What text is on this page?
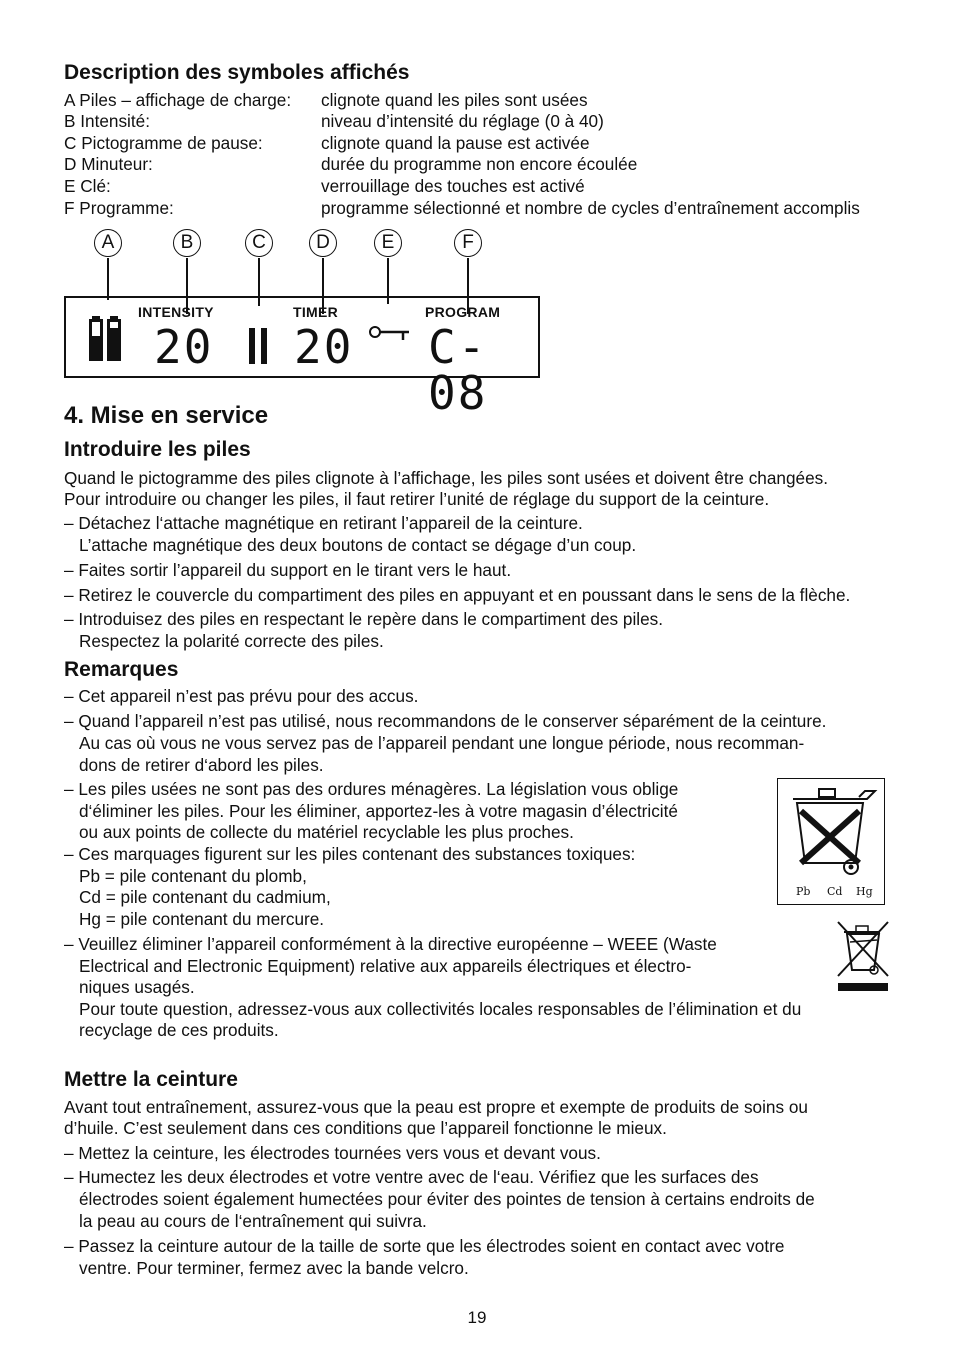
Description des symboles affichés
A Piles – affichage de charge: clignote quand les piles sont usées
B Intensité:	niveau d’intensité du réglage (0 à 40)
C Pictogramme de pause:	clignote quand la pause est activée
D Minuteur:	durée du programme non encore écoulée
E Clé:	verrouillage des touches est activé
F Programme:	programme sélectionné et nombre de cycles d’entraînement accomplis
A	B	C	D	E	F
INTENSITY	TIMER	PROGRAM
20 20 C-08
4. Mise en service
Introduire les piles
Quand le pictogramme des piles clignote à l’affichage, les piles sont usées et doivent être changées.
Pour introduire ou changer les piles, il faut retirer l’unité de réglage du support de la ceinture.
– Détachez l‘attache magnétique en retirant l’appareil de la ceinture.
L’attache magnétique des deux boutons de contact se dégage d’un coup.
– Faites sortir l’appareil du support en le tirant vers le haut.
– Retirez le couvercle du compartiment des piles en appuyant et en poussant dans le sens de la flèche.
– Introduisez des piles en respectant le repère dans le compartiment des piles.
Respectez la polarité correcte des piles.
Remarques
– Cet appareil n’est pas prévu pour des accus.
– Quand l’appareil n’est pas utilisé, nous recommandons de le conserver séparément de la ceinture.
Au cas où vous ne vous servez pas de l’appareil pendant une longue période, nous recomman-
dons de retirer d‘abord les piles.
– Les piles usées ne sont pas des ordures ménagères. La législation vous oblige
d‘éliminer les piles. Pour les éliminer, apportez-les à votre magasin d’électricité
ou aux points de collecte du matériel recyclable les plus proches.
– Ces marquages figurent sur les piles contenant des substances toxiques:
Pb = pile contenant du plomb,
Cd = pile contenant du cadmium,
Hg = pile contenant du mercure.
– Veuillez éliminer l’appareil conformément à la directive européenne – WEEE (Waste
Electrical and Electronic Equipment) relative aux appareils électriques et électro-
niques usagés.
Pour toute question, adressez-vous aux collectivités locales responsables de l’élimination et du
recyclage de ces produits.
Pb Cd Hg
Mettre la ceinture
Avant tout entraînement, assurez-vous que la peau est propre et exempte de produits de soins ou
d’huile. C’est seulement dans ces conditions que l’appareil fonctionne le mieux.
– Mettez la ceinture, les électrodes tournées vers vous et devant vous.
– Humectez les deux électrodes et votre ventre avec de l‘eau. Vérifiez que les surfaces des
électrodes soient également humectées pour éviter des pointes de tension à certains endroits de
la peau au cours de l‘entraînement qui suivra.
– Passez la ceinture autour de la taille de sorte que les électrodes soient en contact avec votre
ventre. Pour terminer, fermez avec la bande velcro.
19
